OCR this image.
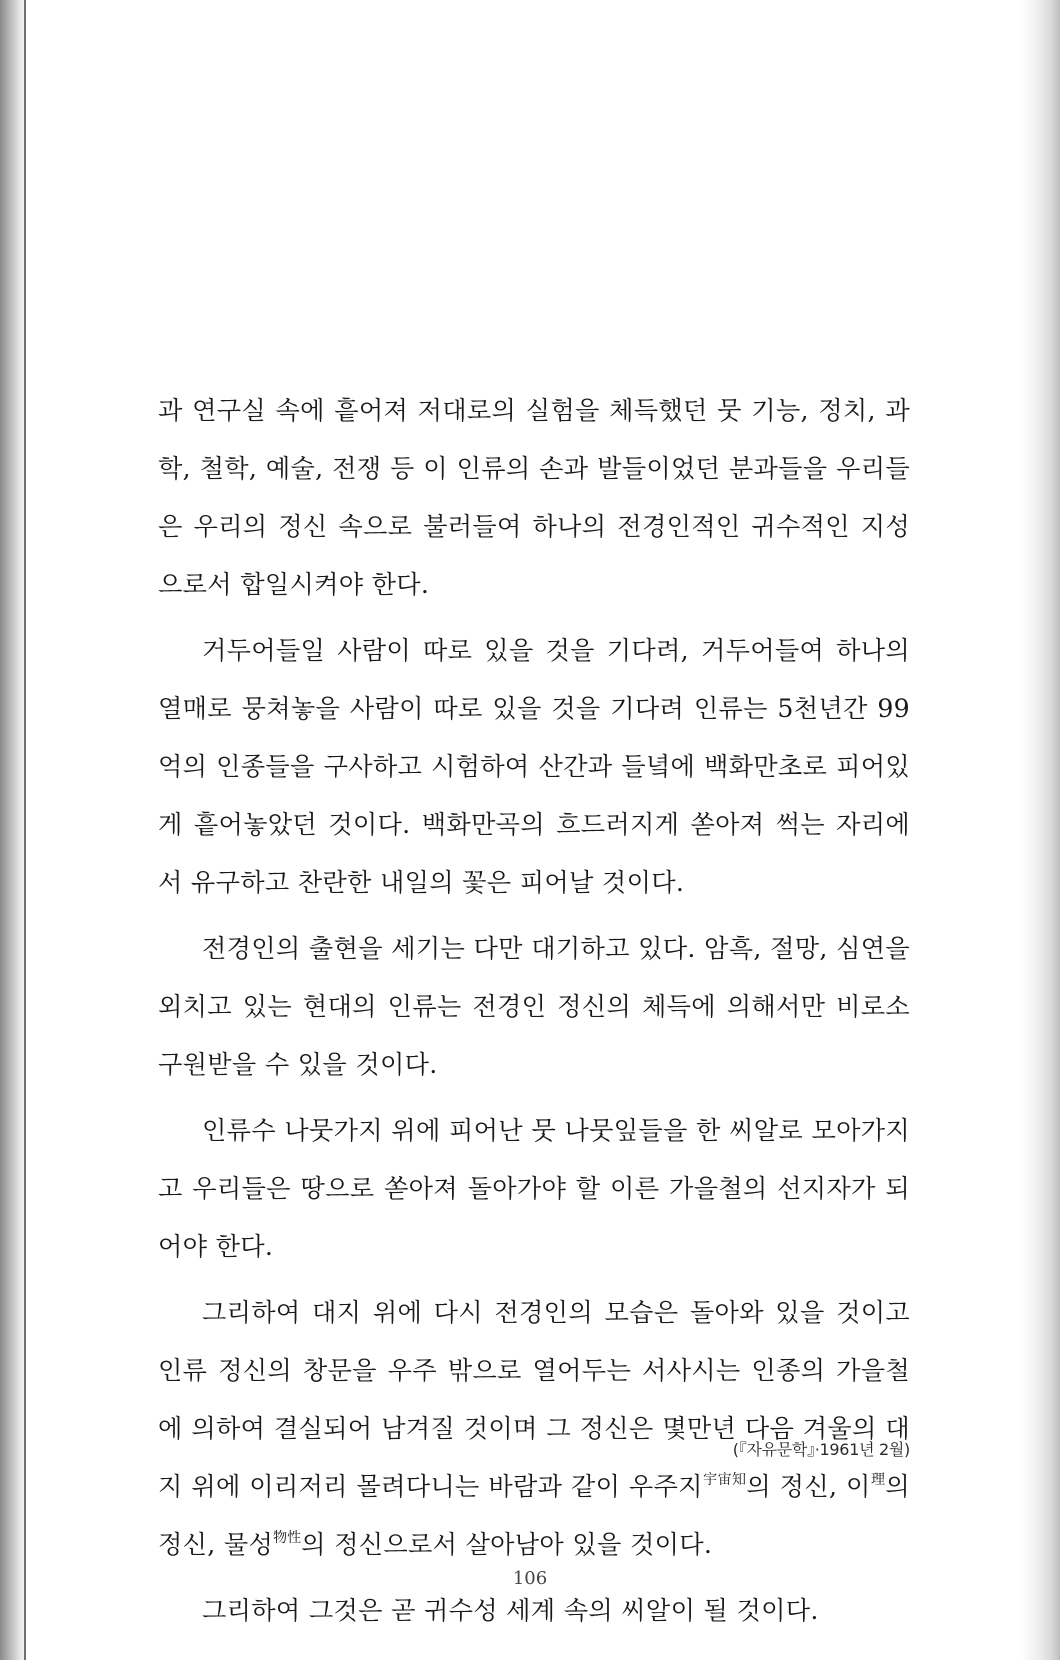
과 연구실 속에 흩어져 저대로의 실험을 체득했던 뭇 기능, 정치, 과학, 철학, 예술, 전쟁 등 이 인류의 손과 발들이었던 분과들을 우리들은 우리의 정신 속으로 불러들여 하나의 전경인적인 귀수적인 지성으로서 합일시켜야 한다.

거두어들일 사람이 따로 있을 것을 기다려, 거두어들여 하나의 열매로 뭉쳐놓을 사람이 따로 있을 것을 기다려 인류는 5천년간 99억의 인종들을 구사하고 시험하여 산간과 들녘에 백화만초로 피어있게 흩어놓았던 것이다. 백화만곡의 흐드러지게 쏟아져 썩는 자리에서 유구하고 찬란한 내일의 꽃은 피어날 것이다.

전경인의 출현을 세기는 다만 대기하고 있다. 암흑, 절망, 심연을 외치고 있는 현대의 인류는 전경인 정신의 체득에 의해서만 비로소 구원받을 수 있을 것이다.

인류수 나뭇가지 위에 피어난 뭇 나뭇잎들을 한 씨알로 모아가지고 우리들은 땅으로 쏟아져 돌아가야 할 이른 가을철의 선지자가 되어야 한다.

그리하여 대지 위에 다시 전경인의 모습은 돌아와 있을 것이고 인류 정신의 창문을 우주 밖으로 열어두는 서사시는 인종의 가을철에 의하여 결실되어 남겨질 것이며 그 정신은 몇만년 다음 겨울의 대지 위에 이리저리 몰려다니는 바람과 같이 우주지$^{宇宙知}$의 정신, 이$^理$의 정신, 물성$^{物性}$의 정신으로서 살아남아 있을 것이다.

그리하여 그것은 곧 귀수성 세계 속의 씨알이 될 것이다.

(『자유문학』·1961년 2월)
106
